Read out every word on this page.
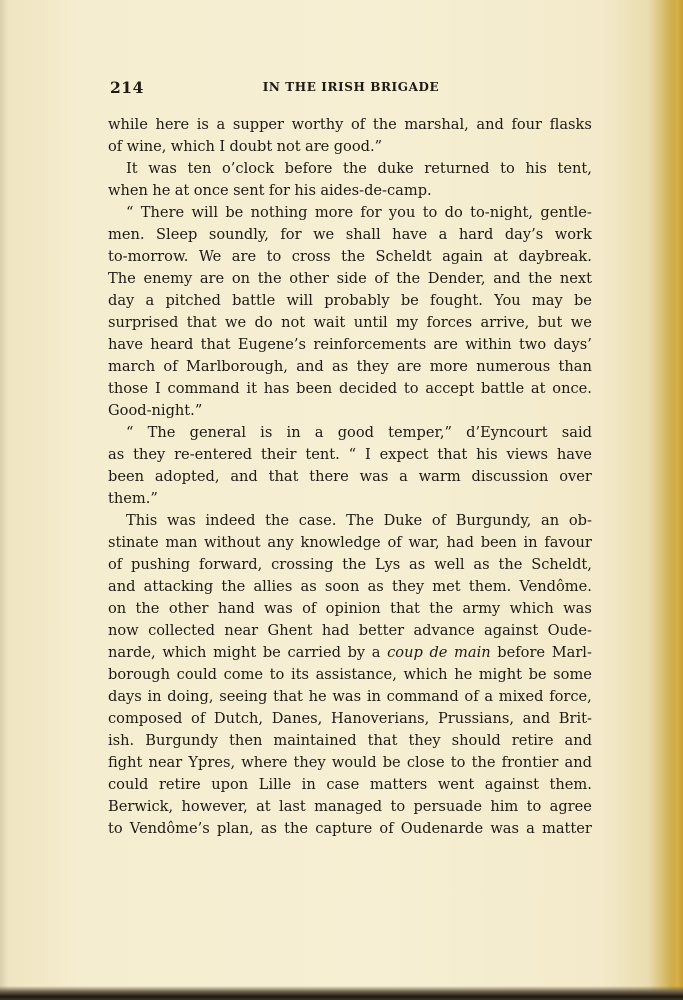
214	IN THE IRISH BRIGADE
while here is a supper worthy of the marshal, and four flasks
of wine, which I doubt not are good.”
It was ten o’clock before the duke returned to his tent,
when he at once sent for his aides-de-camp.
“ There will be nothing more for you to do to-night, gentle-
men. Sleep soundly, for we shall have a hard day’s work
to-morrow. We are to cross the Scheldt again at daybreak.
The enemy are on the other side of the Dender, and the next
day a pitched battle will probably be fought. You may be
surprised that we do not wait until my forces arrive, but we
have heard that Eugene’s reinforcements are within two days’
march of Marlborough, and as they are more numerous than
those I command it has been decided to accept battle at once.
Good-night.”
“ The general is in a good temper,” d’Eyncourt said
as they re-entered their tent. “ I expect that his views have
been adopted, and that there was a warm discussion over
them.”
This was indeed the case. The Duke of Burgundy, an ob-
stinate man without any knowledge of war, had been in favour
of pushing forward, crossing the Lys as well as the Scheldt,
and attacking the allies as soon as they met them. Vendôme.
on the other hand was of opinion that the army which was
now collected near Ghent had better advance against Oude-
narde, which might be carried by a coup de main before Marl-
borough could come to its assistance, which he might be some
days in doing, seeing that he was in command of a mixed force,
composed of Dutch, Danes, Hanoverians, Prussians, and Brit-
ish. Burgundy then maintained that they should retire and
fight near Ypres, where they would be close to the frontier and
could retire upon Lille in case matters went against them.
Berwick, however, at last managed to persuade him to agree
to Vendôme’s plan, as the capture of Oudenarde was a matter
